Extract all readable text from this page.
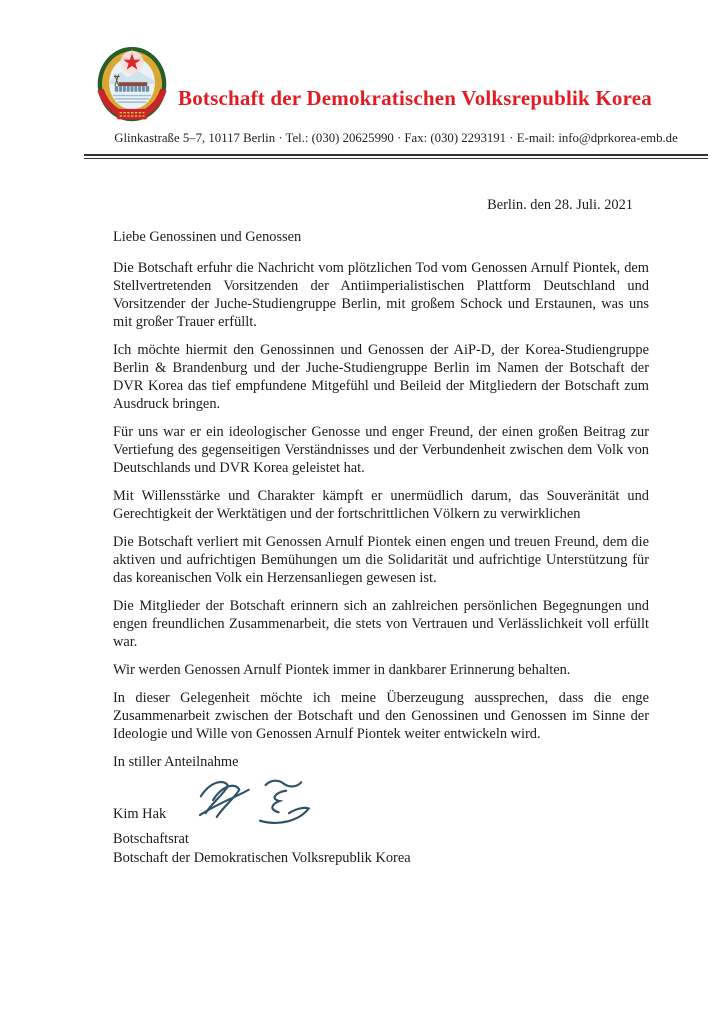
Botschaft der Demokratischen Volksrepublik Korea
Glinkastraße 5–7, 10117 Berlin · Tel.: (030) 20625990 · Fax: (030) 2293191 · E-mail: info@dprkorea-emb.de
Berlin. den 28. Juli. 2021
Liebe Genossinen und Genossen

Die Botschaft erfuhr die Nachricht vom plötzlichen Tod vom Genossen Arnulf Piontek, dem Stellvertretenden Vorsitzenden der Antiimperialistischen Plattform Deutschland und Vorsitzender der Juche-Studiengruppe Berlin, mit großem Schock und Erstaunen, was uns mit großer Trauer erfüllt.

Ich möchte hiermit den Genossinnen und Genossen der AiP-D, der Korea-Studiengruppe Berlin & Brandenburg und der Juche-Studiengruppe Berlin im Namen der Botschaft der DVR Korea das tief empfundene Mitgefühl und Beileid der Mitgliedern der Botschaft zum Ausdruck bringen.

Für uns war er ein ideologischer Genosse und enger Freund, der einen großen Beitrag zur Vertiefung des gegenseitigen Verständnisses und der Verbundenheit zwischen dem Volk von Deutschlands und DVR Korea geleistet hat.

Mit Willensstärke und Charakter kämpft er unermüdlich darum, das Souveränität und Gerechtigkeit der Werktätigen und der fortschrittlichen Völkern zu verwirklichen

Die Botschaft verliert mit Genossen Arnulf Piontek einen engen und treuen Freund, dem die aktiven und aufrichtigen Bemühungen um die Solidarität und aufrichtige Unterstützung für das koreanischen Volk ein Herzensanliegen gewesen ist.

Die Mitglieder der Botschaft erinnern sich an zahlreichen persönlichen Begegnungen und engen freundlichen Zusammenarbeit, die stets von Vertrauen und Verlässlichkeit voll erfüllt war.

Wir werden Genossen Arnulf Piontek immer in dankbarer Erinnerung behalten.

In dieser Gelegenheit möchte ich meine Überzeugung aussprechen, dass die enge Zusammenarbeit zwischen der Botschaft und den Genossinen und Genossen im Sinne der Ideologie und Wille von Genossen Arnulf Piontek weiter entwickeln wird.

In stiller Anteilnahme
Kim Hak
Botschaftsrat
Botschaft der Demokratischen Volksrepublik Korea
